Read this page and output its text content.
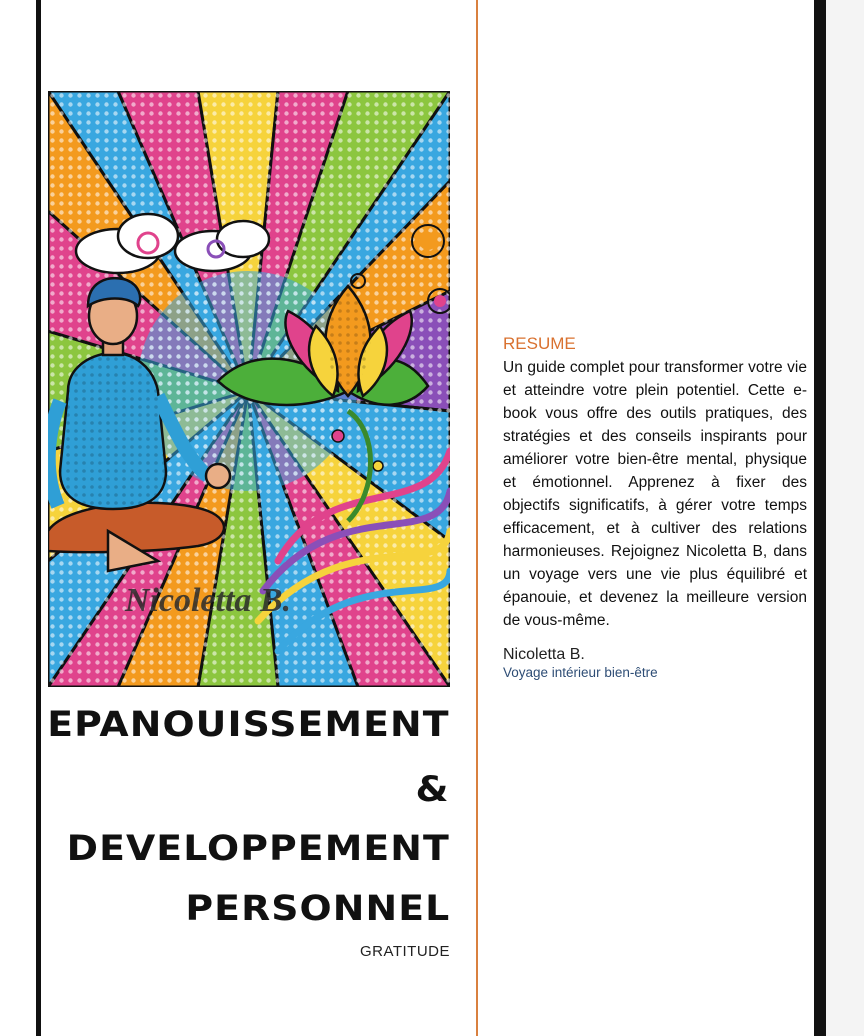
Nicoletta B.

EPANOUISSEMENT

&

DEVELOPPEMENT

PERSONNEL

GRATITUDE

RESUME

Un guide complet pour transformer votre vie et atteindre votre plein potentiel. Cette e-book vous offre des outils pratiques, des stratégies et des conseils inspirants pour améliorer votre bien-être mental, physique et émotionnel. Apprenez à fixer des objectifs significatifs, à gérer votre temps efficacement, et à cultiver des relations harmonieuses. Rejoignez Nicoletta B, dans un voyage vers une vie plus équilibré et épanouie, et devenez la meilleure version de vous-même.

Nicoletta B.

Voyage intérieur bien-être
